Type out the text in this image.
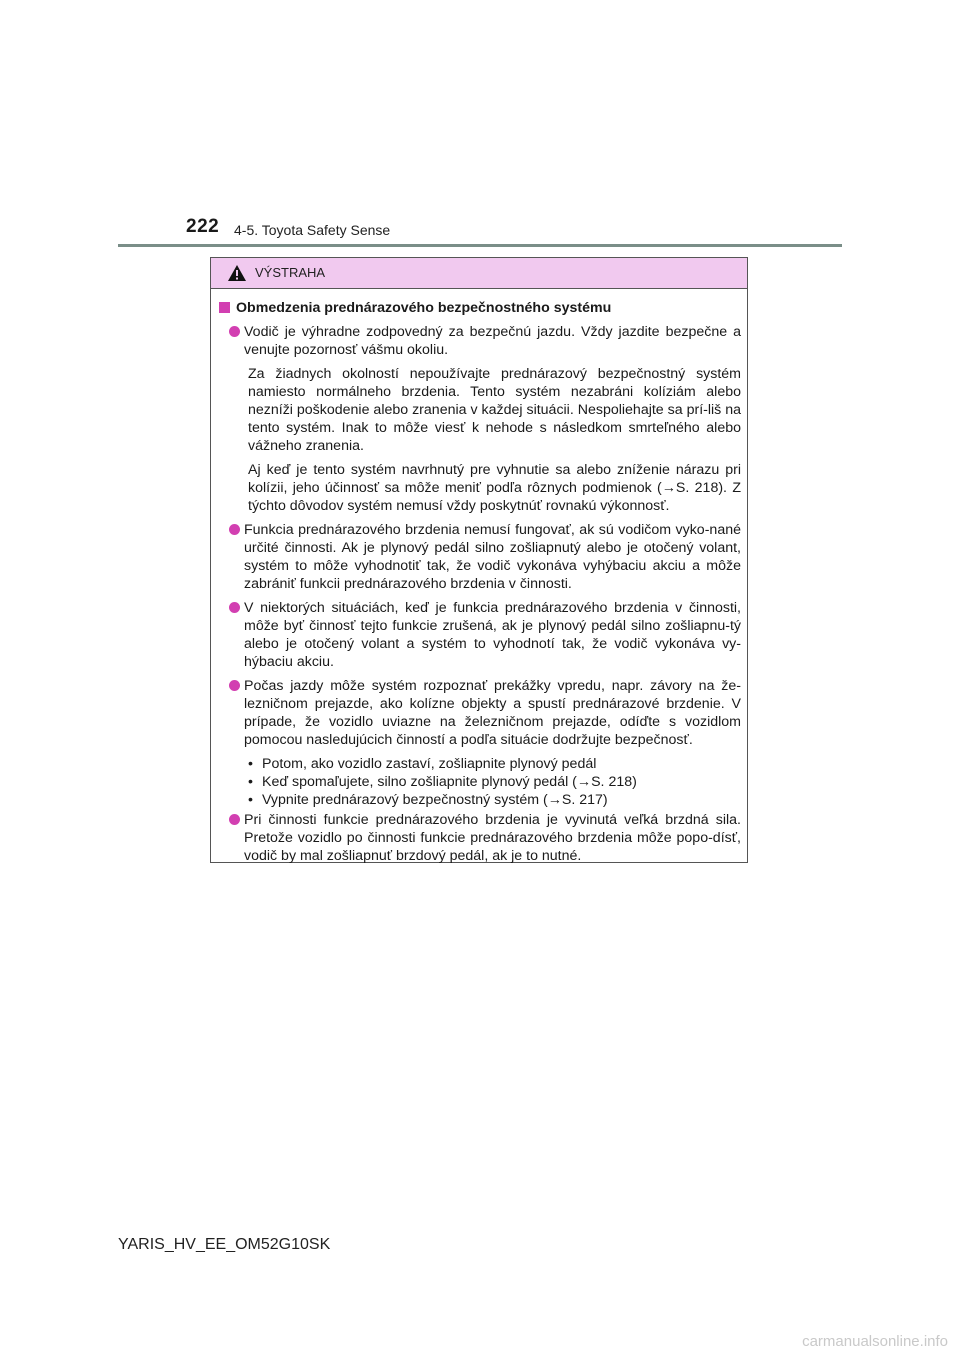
222 4-5. Toyota Safety Sense
VÝSTRAHA
Obmedzenia prednárazového bezpečnostného systému
Vodič je výhradne zodpovedný za bezpečnú jazdu. Vždy jazdite bezpečne a venujte pozornosť vášmu okoliu.
Za žiadnych okolností nepoužívajte prednárazový bezpečnostný systém namiesto normálneho brzdenia. Tento systém nezabráni kolíziám alebo nezníži poškodenie alebo zranenia v každej situácii. Nespoliehajte sa prí-liš na tento systém. Inak to môže viesť k nehode s následkom smrteľného alebo vážneho zranenia.
Aj keď je tento systém navrhnutý pre vyhnutie sa alebo zníženie nárazu pri kolízii, jeho účinnosť sa môže meniť podľa rôznych podmienok (→S. 218). Z týchto dôvodov systém nemusí vždy poskytnúť rovnakú výkonnosť.
Funkcia prednárazového brzdenia nemusí fungovať, ak sú vodičom vyko-nané určité činnosti. Ak je plynový pedál silno zošliapnutý alebo je otočený volant, systém to môže vyhodnotiť tak, že vodič vykonáva vyhýbaciu akciu a môže zabrániť funkcii prednárazového brzdenia v činnosti.
V niektorých situáciách, keď je funkcia prednárazového brzdenia v činnosti, môže byť činnosť tejto funkcie zrušená, ak je plynový pedál silno zošliapnu-tý alebo je otočený volant a systém to vyhodnotí tak, že vodič vykonáva vy-hýbaciu akciu.
Počas jazdy môže systém rozpoznať prekážky vpredu, napr. závory na že-lezničnom prejazde, ako kolízne objekty a spustí prednárazové brzdenie. V prípade, že vozidlo uviazne na železničnom prejazde, odíďte s vozidlom pomocou nasledujúcich činností a podľa situácie dodržujte bezpečnosť.
• Potom, ako vozidlo zastaví, zošliapnite plynový pedál
• Keď spomaľujete, silno zošliapnite plynový pedál (→S. 218)
• Vypnite prednárazový bezpečnostný systém (→S. 217)
Pri činnosti funkcie prednárazového brzdenia je vyvinutá veľká brzdná sila. Pretože vozidlo po činnosti funkcie prednárazového brzdenia môže popo-dísť, vodič by mal zošliapnuť brzdový pedál, ak je to nutné.
YARIS_HV_EE_OM52G10SK
carmanualsonline.info
